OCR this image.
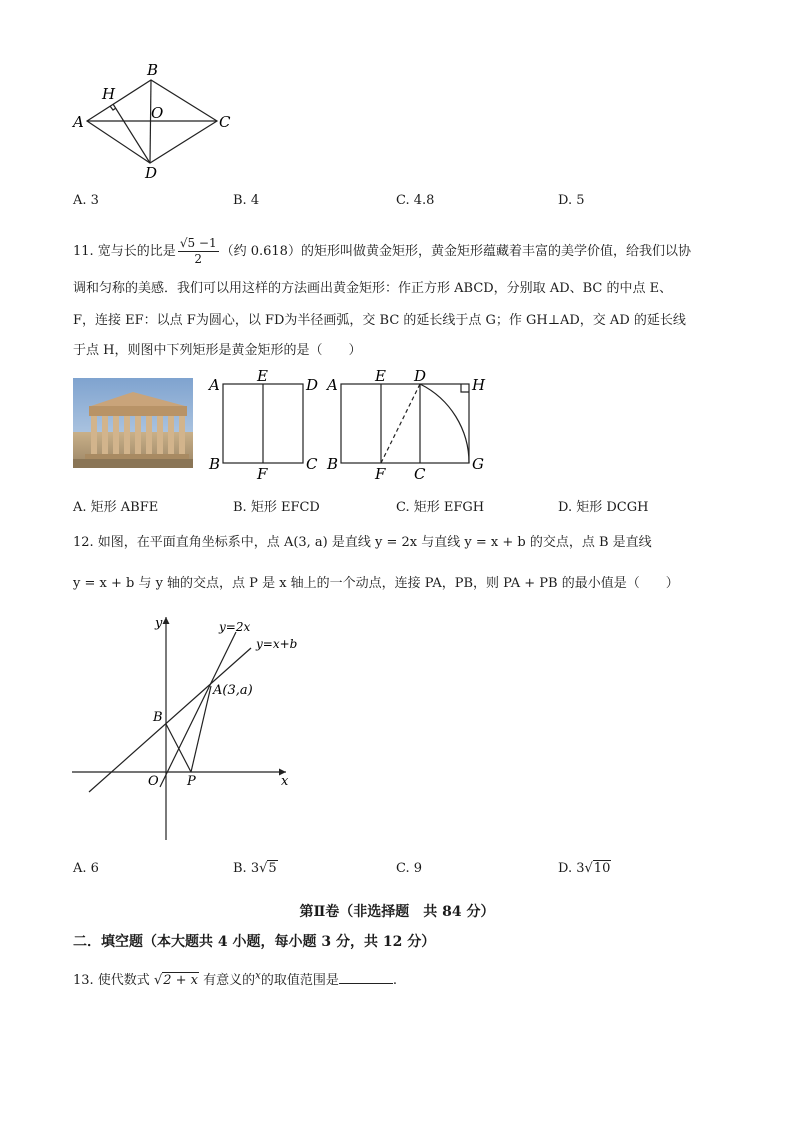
A
B
C
D
H
O
A. 3	B. 4	C. 4.8	D. 5
11. 宽与长的比是 $\frac{√5 -1}{2}$ （约 0.618）的矩形叫做黄金矩形，黄金矩形蕴藏着丰富的美学价值，给我们以协
调和匀称的美感．我们可以用这样的方法画出黄金矩形：作正方形 ABCD，分别取 AD、BC 的中点 E、
F，连接 EF：以点 F为圆心，以 FD为半径画弧，交 BC 的延长线于点 G；作 GH⊥AD，交 AD 的延长线
于点 H，则图中下列矩形是黄金矩形的是（　　）
A E	D
B
F
C
A E D	H
B
F C
G
A. 矩形 ABFE	B. 矩形 EFCD	C. 矩形 EFGH	D. 矩形 DCGH
12. 如图，在平面直角坐标系中，点 A(3, a) 是直线 y = 2x 与直线 y = x + b 的交点，点 B 是直线
y = x + b 与 y 轴的交点，点 P 是 x 轴上的一个动点，连接 PA，PB，则 PA + PB 的最小值是（　　）
y
x
y=2x
y=x+b
A(3,a)
B
O P
A. 6	B. 3√5	C. 9	D. 3√10
第Ⅱ卷（非选择题　共 84 分）
二．填空题（本大题共 4 小题，每小题 3 分，共 12 分）
13. 使代数式 √2 + x 有意义的$^x$的取值范围是	.
